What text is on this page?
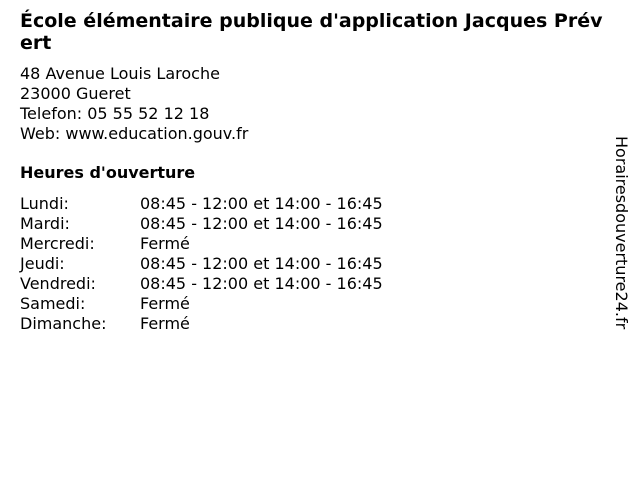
École élémentaire publique d'application Jacques Prévert
48 Avenue Louis Laroche
23000 Gueret
Telefon: 05 55 52 12 18
Web: www.education.gouv.fr
Heures d'ouverture
Lundi:	08:45 - 12:00 et 14:00 - 16:45
Mardi:	08:45 - 12:00 et 14:00 - 16:45
Mercredi:	Fermé
Jeudi:	08:45 - 12:00 et 14:00 - 16:45
Vendredi:	08:45 - 12:00 et 14:00 - 16:45
Samedi:	Fermé
Dimanche: Fermé	Horairesdouverture24.fr
